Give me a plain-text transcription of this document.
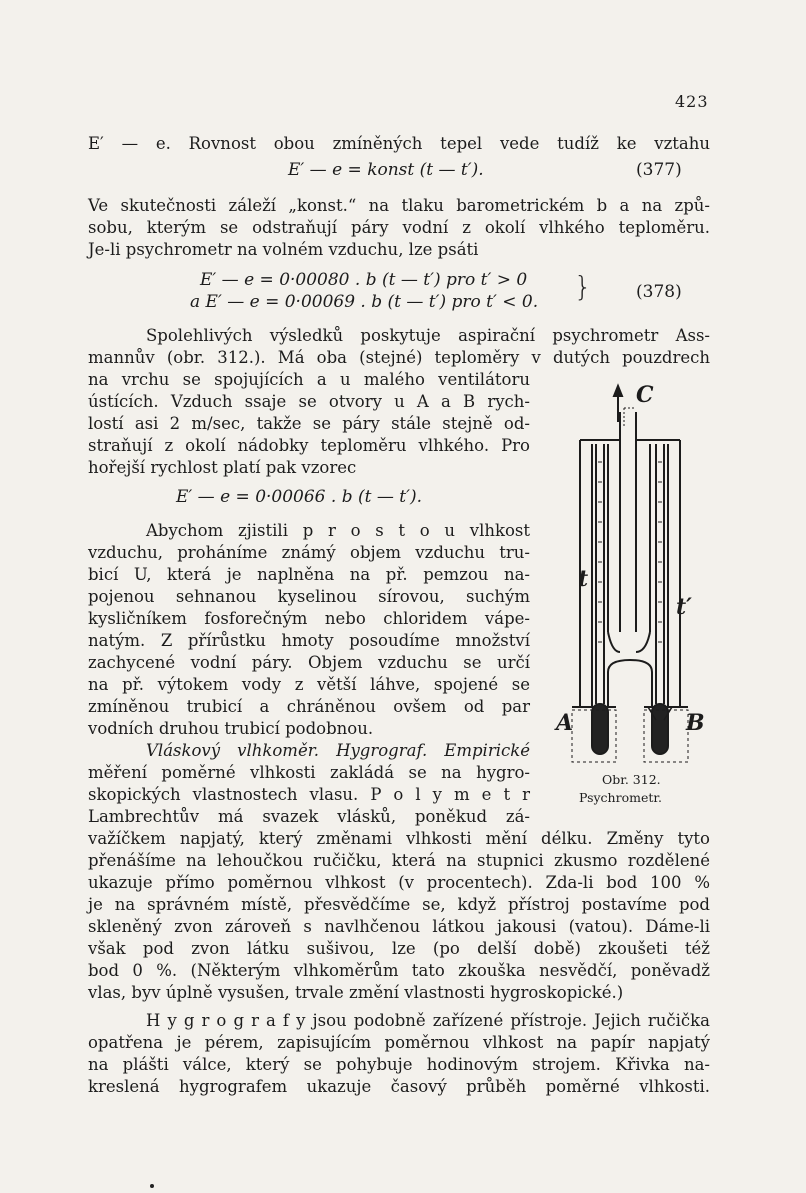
423
E′ — e. Rovnost obou zmíněných tepel vede tudíž ke vztahu
E′ — e = konst (t — t′).	(377)
Ve skutečnosti záleží „konst.“ na tlaku barometrickém b a na způ-
sobu, kterým se odstraňují páry vodní z okolí vlhkého teploměru.
Je-li psychrometr na volném vzduchu, lze psáti
E′ — e = 0·00080 . b (t — t′) pro t′ > 0
a E′ — e = 0·00069 . b (t — t′) pro t′ < 0. }	(378)
Spolehlivých výsledků poskytuje aspirační psychrometr Ass-
mannův (obr. 312.). Má oba (stejné) teploměry v dutých pouzdrech
na vrchu se spojujících a u malého ventilátoru
ústících. Vzduch ssaje se otvory u A a B rych-
lostí asi 2 m/sec, takže se páry stále stejně od-
straňují z okolí nádobky teploměru vlhkého. Pro
hořejší rychlost platí pak vzorec
E′ — e = 0·00066 . b (t — t′).
Abychom zjistili p r o s t o u vlhkost
vzduchu, proháníme známý objem vzduchu tru-
bicí U, která je naplněna na př. pemzou na-
pojenou sehnanou kyselinou sírovou, suchým
kysličníkem fosforečným nebo chloridem vápe-
natým. Z přírůstku hmoty posoudíme množství
zachycené vodní páry. Objem vzduchu se určí
na př. výtokem vody z větší láhve, spojené se
zmíněnou trubicí a chráněnou ovšem od par
vodních druhou trubicí podobnou.
Vláskový vlhkoměr. Hygrograf. Empirické
měření poměrné vlhkosti zakládá se na hygro-
skopických vlastnostech vlasu. P o l y m e t r
Lambrechtův má svazek vlásků, poněkud zá-
važíčkem napjatý, který změnami vlhkosti mění délku. Změny tyto
přenášíme na lehoučkou ručičku, která na stupnici zkusmo rozdělené
ukazuje přímo poměrnou vlhkost (v procentech). Zda-li bod 100 %
je na správném místě, přesvědčíme se, když přístroj postavíme pod
skleněný zvon zároveň s navlhčenou látkou jakousi (vatou). Dáme-li
však pod zvon látku sušivou, lze (po delší době) zkoušeti též
bod 0 %. (Některým vlhkoměrům tato zkouška nesvědčí, poněvadž
vlas, byv úplně vysušen, trvale změní vlastnosti hygroskopické.)
H y g r o g r a f y jsou podobně zařízené přístroje. Jejich ručička
opatřena je pérem, zapisujícím poměrnou vlhkost na papír napjatý
na plášti válce, který se pohybuje hodinovým strojem. Křivka na-
kreslená hygrografem ukazuje časový průběh poměrné vlhkosti.
C
t
t′
A	B
Obr. 312.
Psychrometr.
